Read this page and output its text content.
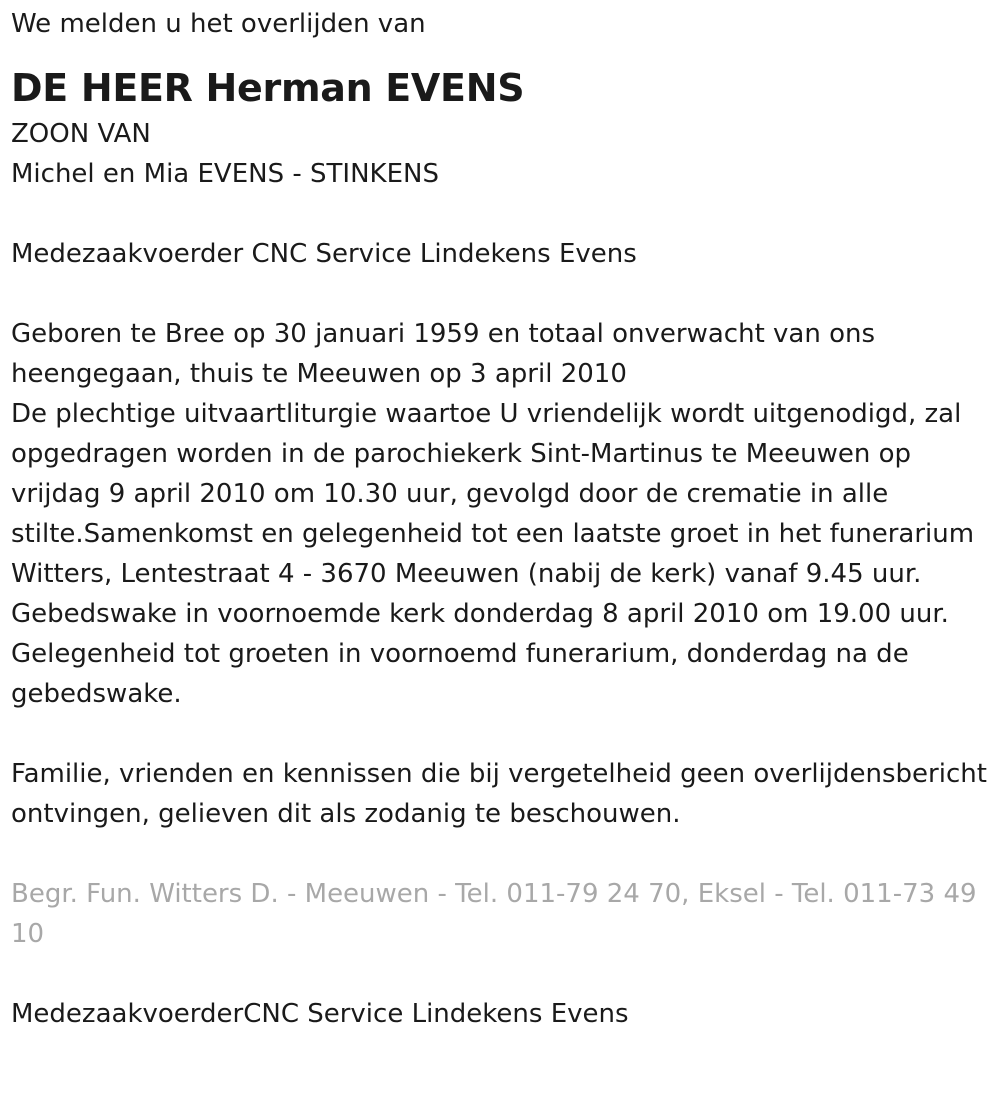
We melden u het overlijden van

DE HEER Herman EVENS

ZOON VAN

Michel en Mia EVENS - STINKENS

Medezaakvoerder CNC Service Lindekens Evens

Geboren te Bree op 30 januari 1959 en totaal onverwacht van ons heengegaan, thuis te Meeuwen op 3 april 2010

De plechtige uitvaartliturgie waartoe U vriendelijk wordt uitgenodigd, zal opgedragen worden in de parochiekerk Sint-Martinus te Meeuwen op vrijdag 9 april 2010 om 10.30 uur, gevolgd door de crematie in alle stilte.Samenkomst en gelegenheid tot een laatste groet in het funerarium Witters, Lentestraat 4 - 3670 Meeuwen (nabij de kerk) vanaf 9.45 uur.

Gebedswake in voornoemde kerk donderdag 8 april 2010 om 19.00 uur. Gelegenheid tot groeten in voornoemd funerarium, donderdag na de gebedswake.

Familie, vrienden en kennissen die bij vergetelheid geen overlijdensbericht ontvingen, gelieven dit als zodanig te beschouwen.

Begr. Fun. Witters D. - Meeuwen - Tel. 011-79 24 70, Eksel - Tel. 011-73 49 10

MedezaakvoerderCNC Service Lindekens Evens
